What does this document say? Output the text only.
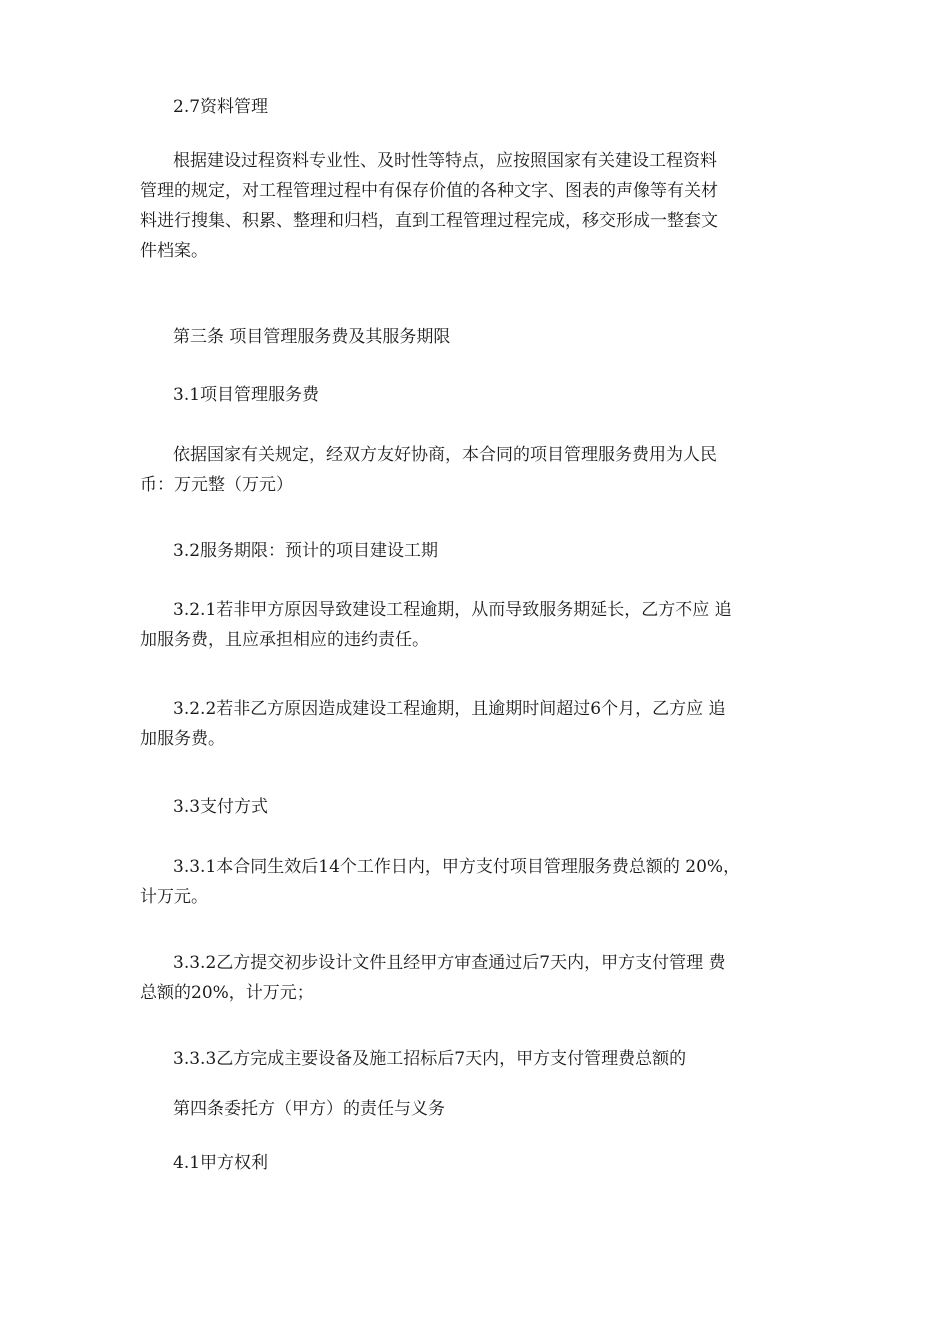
2.7资料管理

根据建设过程资料专业性、及时性等特点，应按照国家有关建设工程资料
管理的规定，对工程管理过程中有保存价值的各种文字、图表的声像等有关材
料进行搜集、积累、整理和归档，直到工程管理过程完成，移交形成一整套文
件档案。

第三条 项目管理服务费及其服务期限

3.1项目管理服务费

依据国家有关规定，经双方友好协商，本合同的项目管理服务费用为人民
币：万元整（万元）

3.2服务期限：预计的项目建设工期

3.2.1若非甲方原因导致建设工程逾期，从而导致服务期延长，乙方不应 追
加服务费，且应承担相应的违约责任。

3.2.2若非乙方原因造成建设工程逾期，且逾期时间超过6个月，乙方应 追
加服务费。

3.3支付方式

3.3.1本合同生效后14个工作日内，甲方支付项目管理服务费总额的 20%，
计万元。

3.3.2乙方提交初步设计文件且经甲方审查通过后7天内，甲方支付管理 费
总额的20%，计万元；

3.3.3乙方完成主要设备及施工招标后7天内，甲方支付管理费总额的

第四条委托方（甲方）的责任与义务

4.1甲方权利
